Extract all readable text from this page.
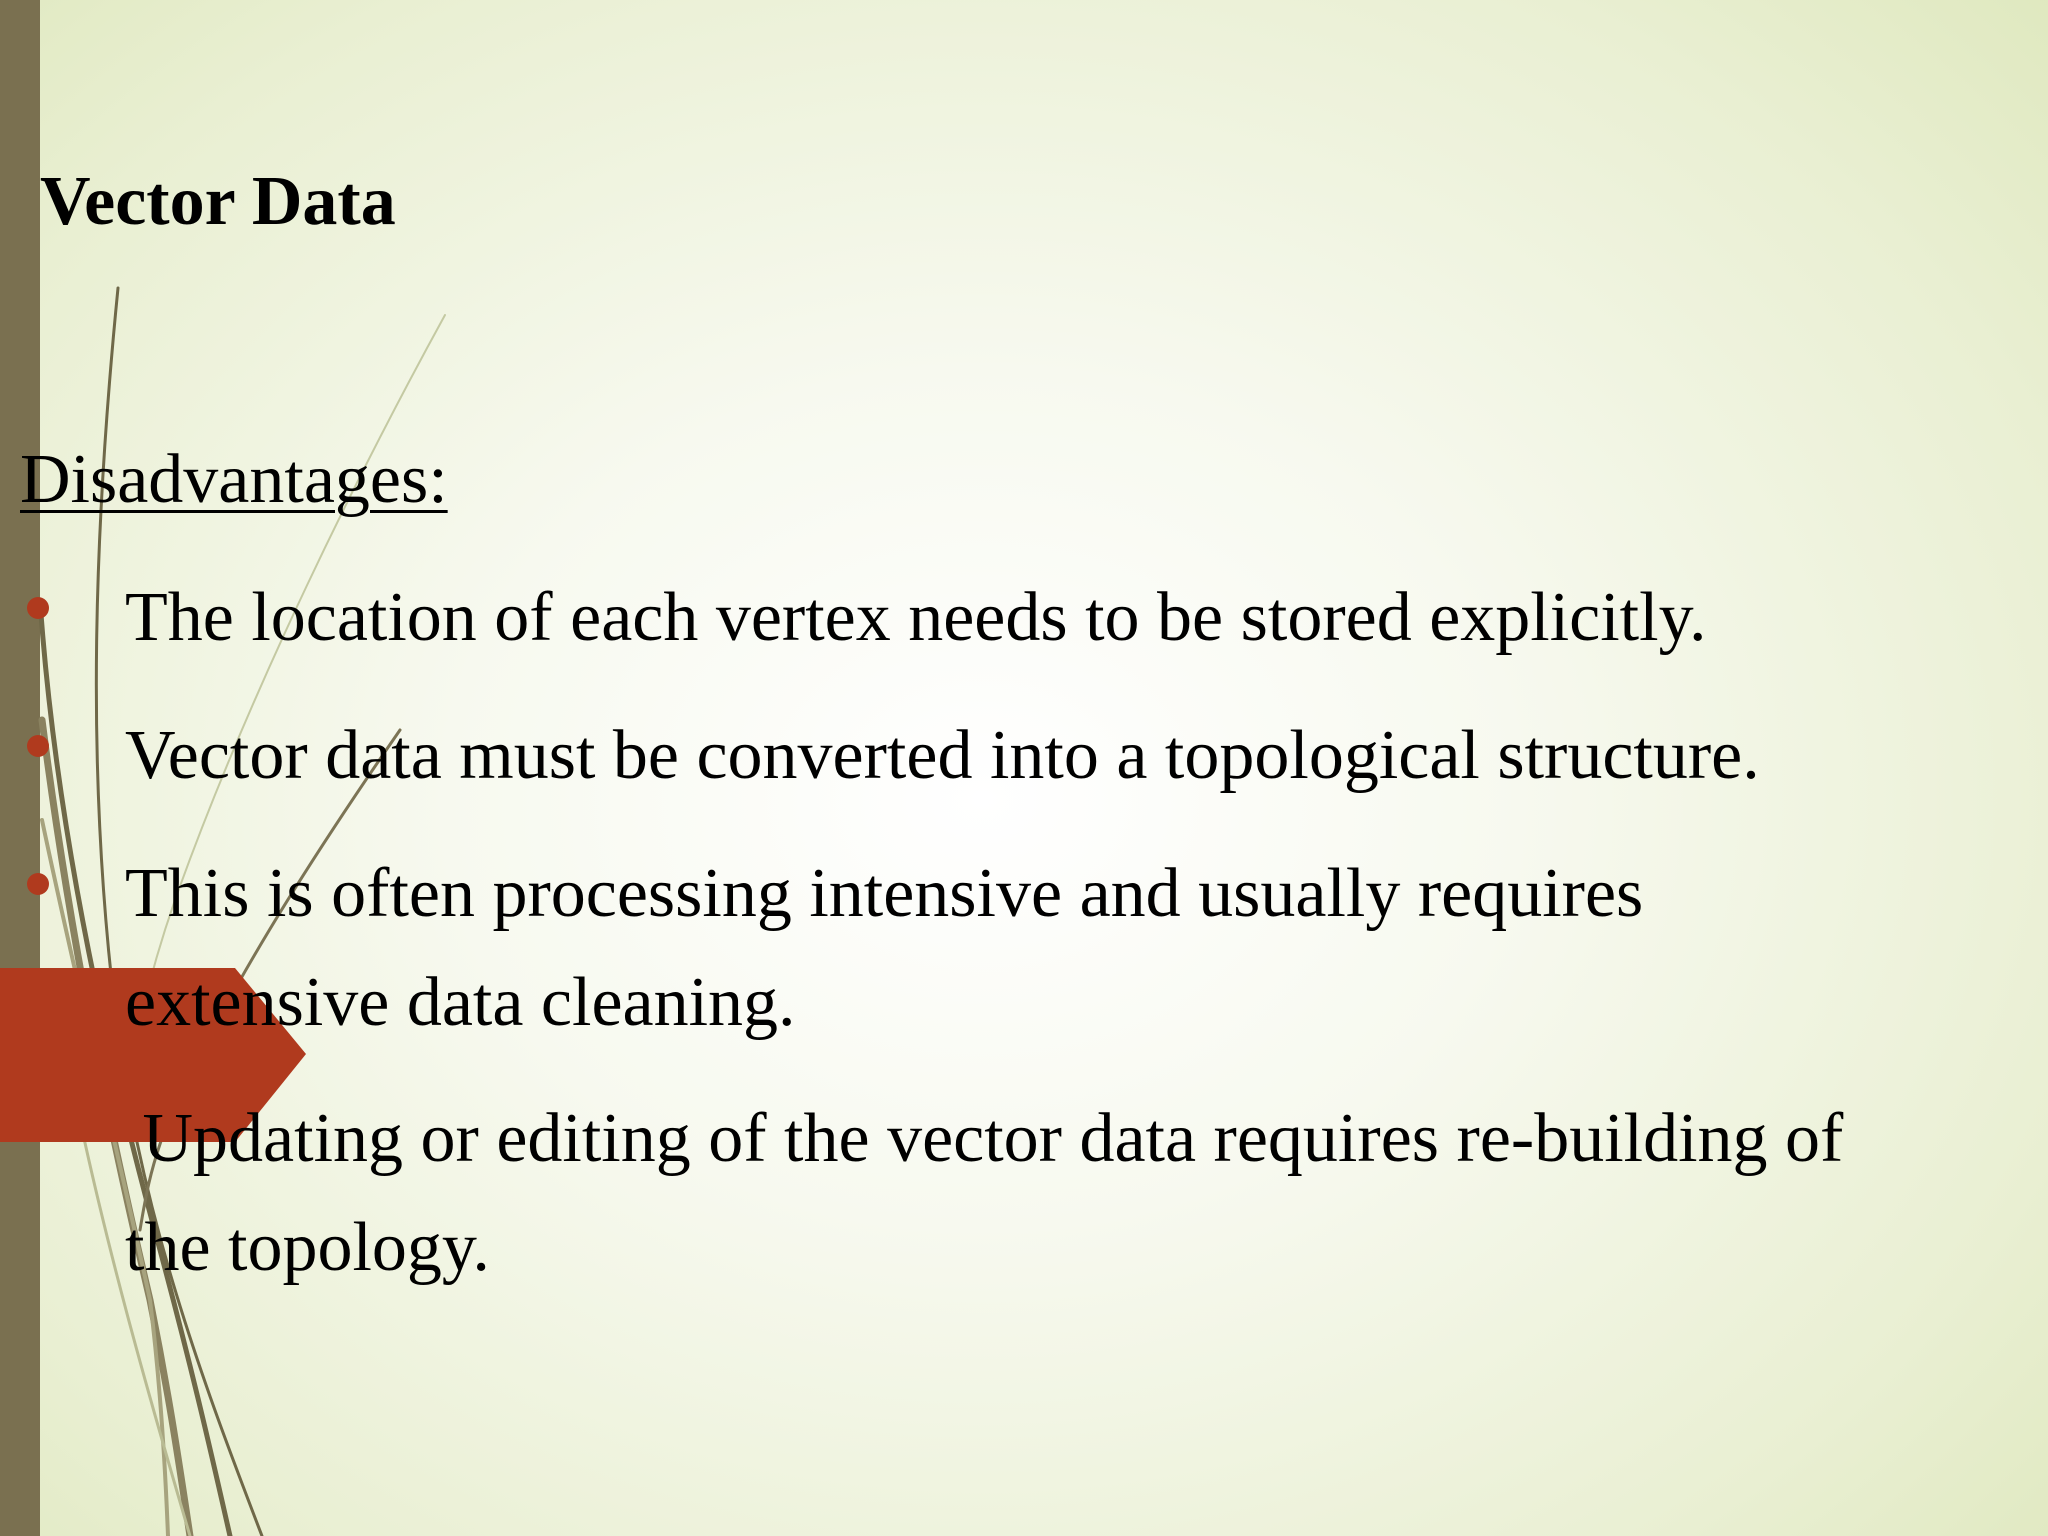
Vector Data
Disadvantages:
The location of each vertex needs to be stored explicitly.
Vector data must be converted into a topological structure.
This is often processing intensive and usually requires
extensive data cleaning.
Updating or editing of the vector data requires re-building of
the topology.
